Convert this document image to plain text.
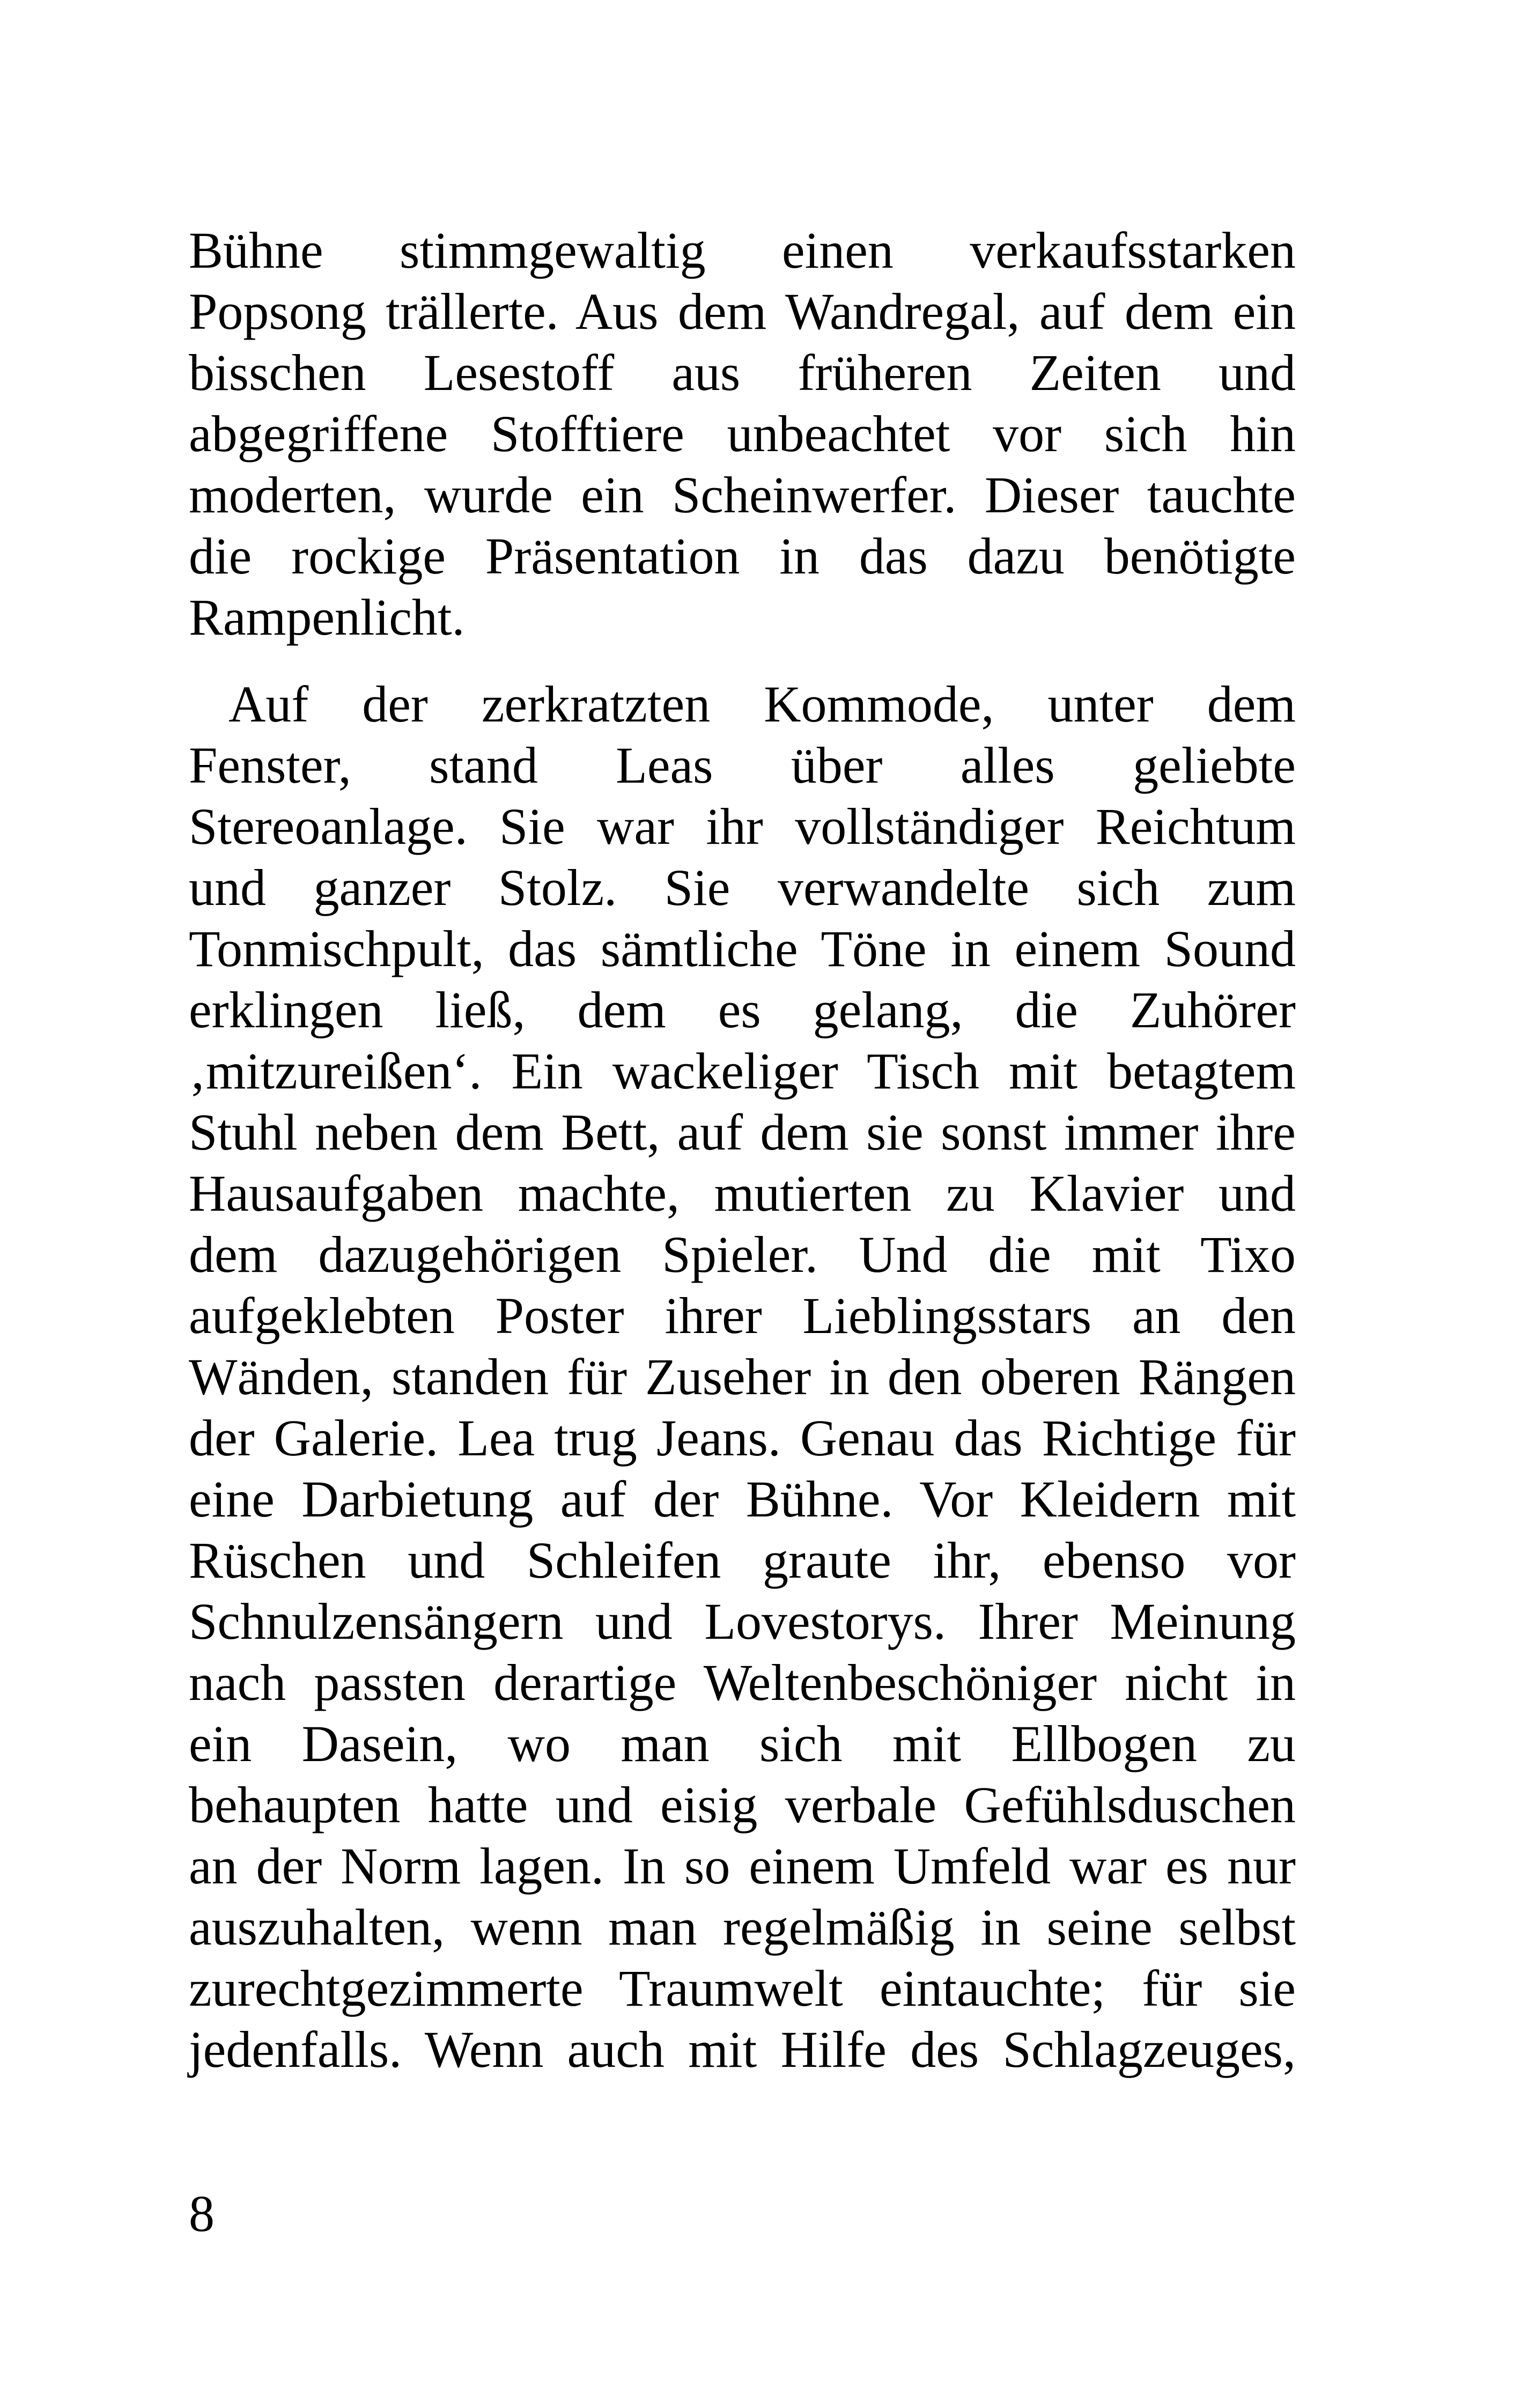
Bühne stimmgewaltig einen verkaufsstarken
Popsong trällerte. Aus dem Wandregal, auf dem ein
bisschen Lesestoff aus früheren Zeiten und
abgegriffene Stofftiere unbeachtet vor sich hin
moderten, wurde ein Scheinwerfer. Dieser tauchte
die rockige Präsentation in das dazu benötigte
Rampenlicht.
Auf der zerkratzten Kommode, unter dem
Fenster, stand Leas über alles geliebte
Stereoanlage. Sie war ihr vollständiger Reichtum
und ganzer Stolz. Sie verwandelte sich zum
Tonmischpult, das sämtliche Töne in einem Sound
erklingen ließ, dem es gelang, die Zuhörer
‚mitzureißen‘. Ein wackeliger Tisch mit betagtem
Stuhl neben dem Bett, auf dem sie sonst immer ihre
Hausaufgaben machte, mutierten zu Klavier und
dem dazugehörigen Spieler. Und die mit Tixo
aufgeklebten Poster ihrer Lieblingsstars an den
Wänden, standen für Zuseher in den oberen Rängen
der Galerie. Lea trug Jeans. Genau das Richtige für
eine Darbietung auf der Bühne. Vor Kleidern mit
Rüschen und Schleifen graute ihr, ebenso vor
Schnulzensängern und Lovestorys. Ihrer Meinung
nach passten derartige Weltenbeschöniger nicht in
ein Dasein, wo man sich mit Ellbogen zu
behaupten hatte und eisig verbale Gefühlsduschen
an der Norm lagen. In so einem Umfeld war es nur
auszuhalten, wenn man regelmäßig in seine selbst
zurechtgezimmerte Traumwelt eintauchte; für sie
jedenfalls. Wenn auch mit Hilfe des Schlagzeuges,
8
